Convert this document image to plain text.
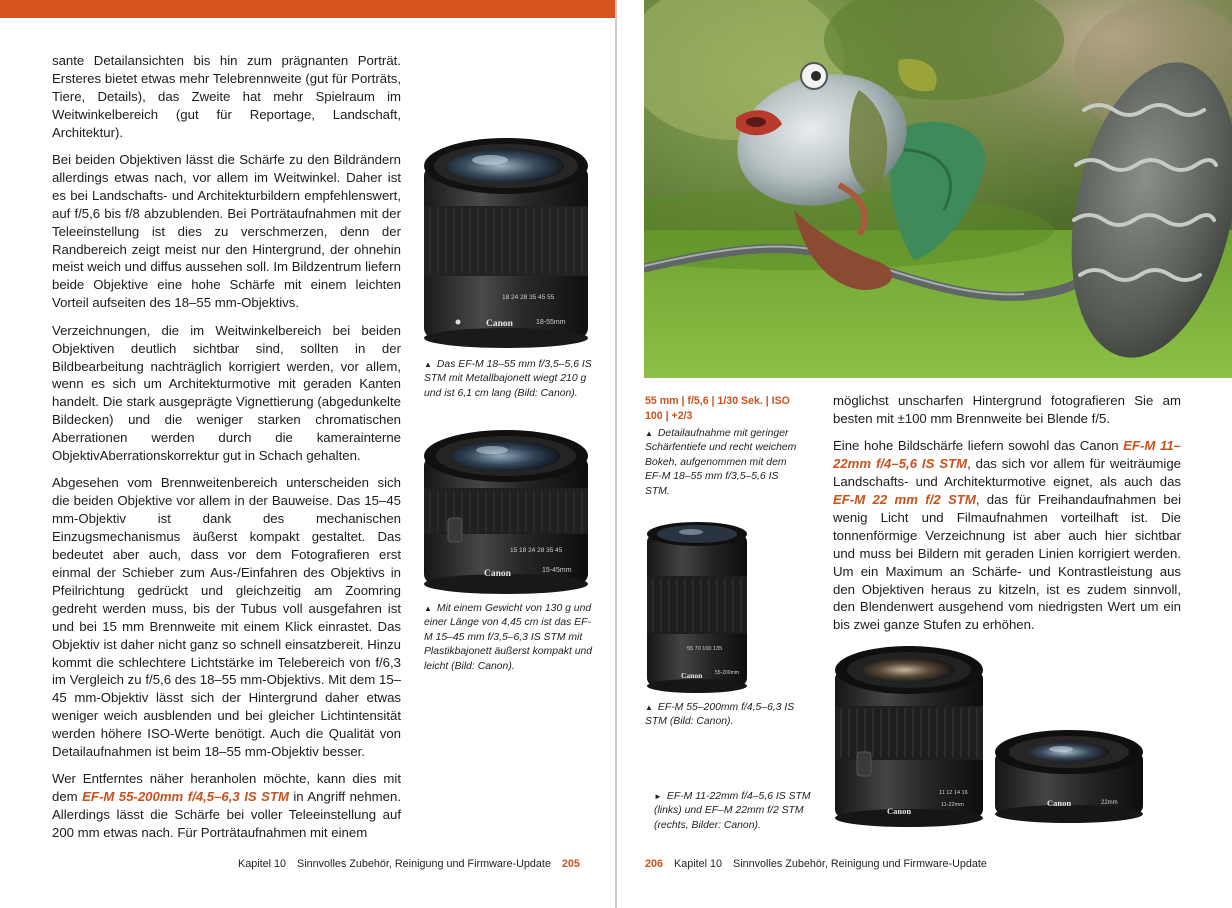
sante Detailansichten bis hin zum prägnanten Porträt. Ersteres bietet etwas mehr Telebrennweite (gut für Porträts, Tiere, Details), das Zweite hat mehr Spielraum im Weitwinkelbereich (gut für Reportage, Landschaft, Architektur).

Bei beiden Objektiven lässt die Schärfe zu den Bildrändern allerdings etwas nach, vor allem im Weitwinkel. Daher ist es bei Landschafts- und Architekturbildern empfehlenswert, auf f/5,6 bis f/8 abzublenden. Bei Porträtaufnahmen mit der Teleeinstellung ist dies zu verschmerzen, denn der Randbereich zeigt meist nur den Hintergrund, der ohnehin meist weich und diffus aussehen soll. Im Bildzentrum liefern beide Objektive eine hohe Schärfe mit einem leichten Vorteil aufseiten des 18–55 mm-Objektivs.

Verzeichnungen, die im Weitwinkelbereich bei beiden Objektiven deutlich sichtbar sind, sollten in der Bildbearbeitung nachträglich korrigiert werden, vor allem, wenn es sich um Architekturmotive mit geraden Kanten handelt. Die stark ausgeprägte Vignettierung (abgedunkelte Bildecken) und die weniger starken chromatischen Aberrationen werden durch die kamerainterne ObjektivAberrationskorrektur gut in Schach gehalten.

Abgesehen vom Brennweitenbereich unterscheiden sich die beiden Objektive vor allem in der Bauweise. Das 15–45 mm-Objektiv ist dank des mechanischen Einzugsmechanismus äußerst kompakt gestaltet. Das bedeutet aber auch, dass vor dem Fotografieren erst einmal der Schieber zum Aus-/Einfahren des Objektivs in Pfeilrichtung gedrückt und gleichzeitig am Zoomring gedreht werden muss, bis der Tubus voll ausgefahren ist und bei 15 mm Brennweite mit einem Klick einrastet. Das Objektiv ist daher nicht ganz so schnell einsatzbereit. Hinzu kommt die schlechtere Lichtstärke im Telebereich von f/6,3 im Vergleich zu f/5,6 des 18–55 mm-Objektivs. Mit dem 15–45 mm-Objektiv lässt sich der Hintergrund daher etwas weniger weich ausblenden und bei gleicher Lichtintensität werden höhere ISO-Werte benötigt. Auch die Qualität von Detailaufnahmen ist beim 18–55 mm-Objektiv besser.

Wer Entferntes näher heranholen möchte, kann dies mit dem EF-M 55-200mm f/4,5–6,3 IS STM in Angriff nehmen. Allerdings lässt die Schärfe bei voller Teleeinstellung auf 200 mm etwas nach. Für Porträtaufnahmen mit einem

18 24 28 35 45 55
Canon	18-55mm
▲ Das EF-M 18–55 mm f/3,5–5,6 IS STM mit Metallbajonett wiegt 210 g und ist 6,1 cm lang (Bild: Canon).
15 18 24 28 35 45
Canon	15-45mm
▲ Mit einem Gewicht von 130 g und einer Länge von 4,45 cm ist das EF-M 15–45 mm f/3,5–6,3 IS STM mit Plastikbajonett äußerst kompakt und leicht (Bild: Canon).
Kapitel 10 Sinnvolles Zubehör, Reinigung und Firmware-Update 205
55 mm | f/5,6 | 1/30 Sek. | ISO 100 | +2/3
▲ Detailaufnahme mit geringer Schärfentiefe und recht weichem Bokeh, aufgenommen mit dem EF-M 18–55 mm f/3,5–5,6 IS STM.

möglichst unscharfen Hintergrund fotografieren Sie am besten mit ±100 mm Brennweite bei Blende f/5.

Eine hohe Bildschärfe liefern sowohl das Canon EF-M 11–22mm f/4–5,6 IS STM, das sich vor allem für weiträumige Landschafts- und Architekturmotive eignet, als auch das EF-M 22 mm f/2 STM, das für Freihandaufnahmen bei wenig Licht und Filmaufnahmen vorteilhaft ist. Die tonnenförmige Verzeichnung ist aber auch hier sichtbar und muss bei Bildern mit geraden Linien korrigiert werden. Um ein Maximum an Schärfe- und Kontrastleistung aus den Objektiven heraus zu kitzeln, ist es zudem sinnvoll, den Blendenwert ausgehend vom niedrigsten Wert um ein bis zwei ganze Stufen zu erhöhen.

55 70 100 135
Canon	55-200mm
▲ EF-M 55–200mm f/4,5–6,3 IS STM (Bild: Canon).
11 12 14 16
Canon
11-22mm	Canon	22mm
► EF-M 11-22mm f/4–5,6 IS STM (links) und EF–M 22mm f/2 STM (rechts, Bilder: Canon).
206 Kapitel 10 Sinnvolles Zubehör, Reinigung und Firmware-Update
